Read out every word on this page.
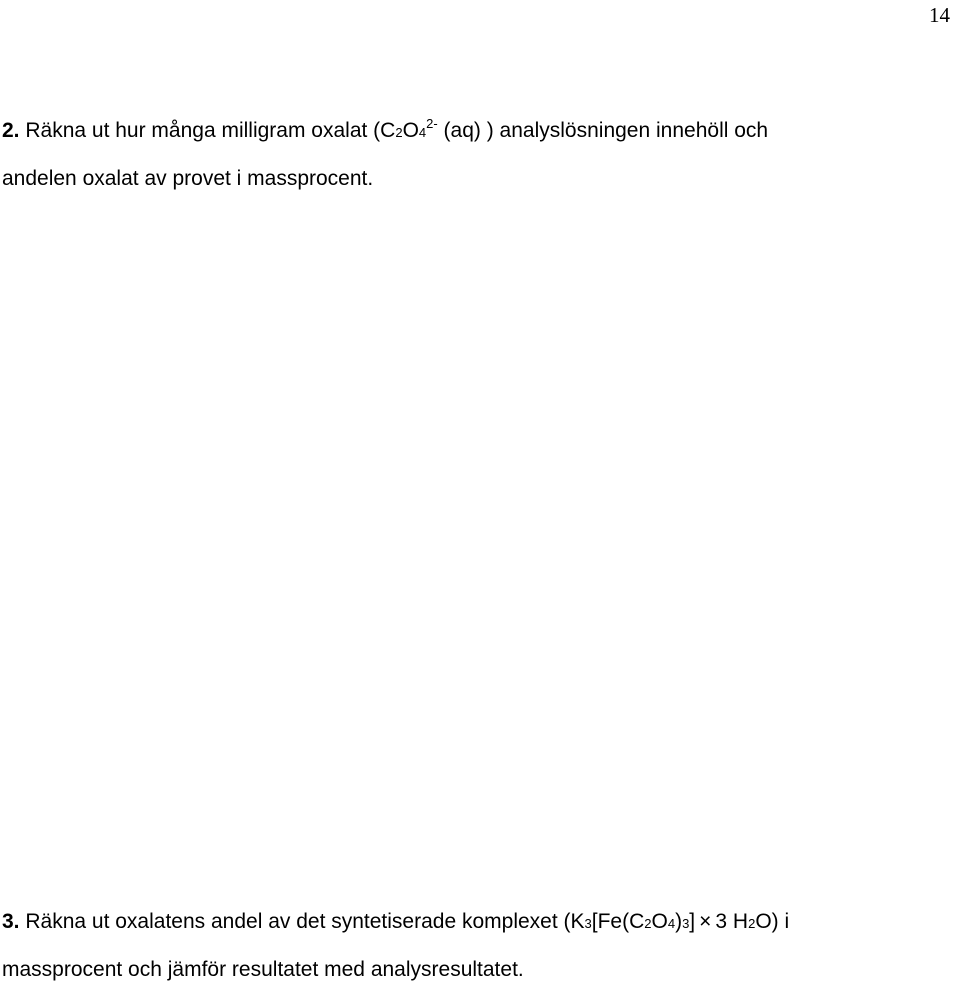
14

2. Räkna ut hur många milligram oxalat ($C2O4^{2-}$ (aq) ) analyslösningen innehöll och

andelen oxalat av provet i massprocent.

3. Räkna ut oxalatens andel av det syntetiserade komplexet (K3[Fe(C2O4)3] × 3 H2O) i

massprocent och jämför resultatet med analysresultatet.
